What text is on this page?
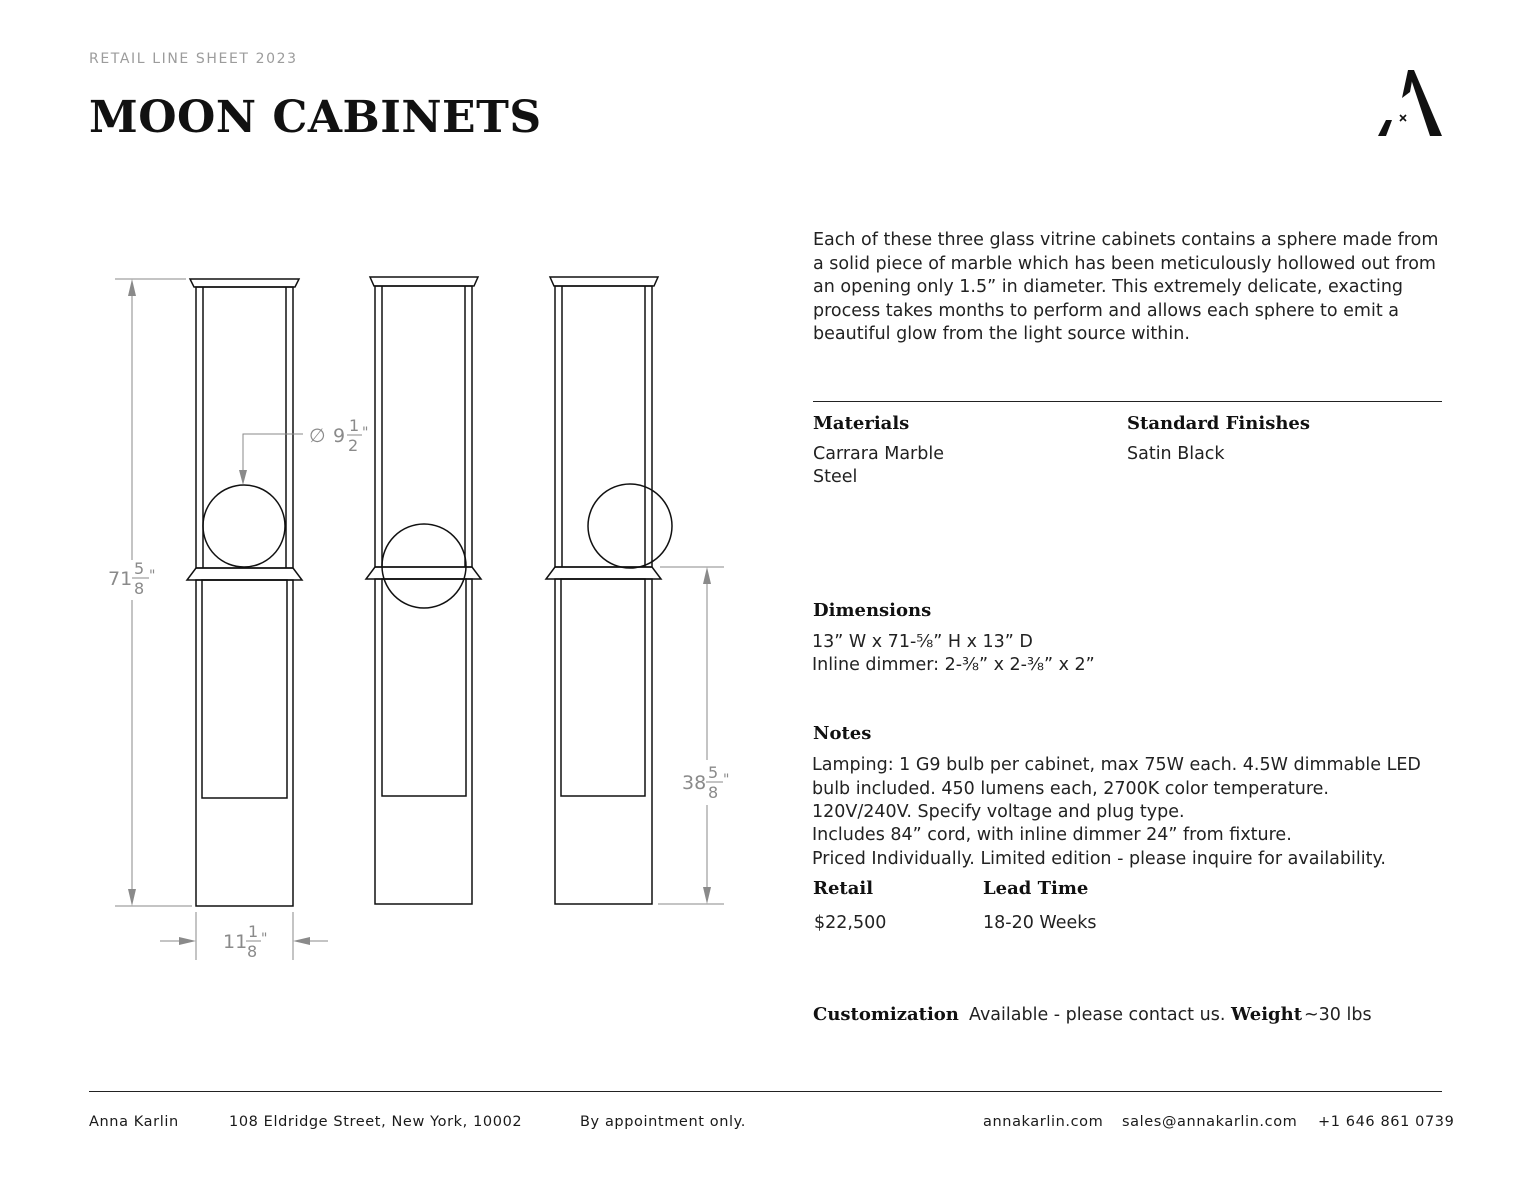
RETAIL LINE SHEET 2023
MOON CABINETS
71 5
8
"
∅ 9 1
2
"
38 5
8
"
11 1
8
"
Each of these three glass vitrine cabinets contains a sphere made from a solid piece of marble which has been meticulously hollowed out from an opening only 1.5” in diameter. This extremely delicate, exacting process takes months to perform and allows each sphere to emit a beautiful glow from the light source within.
Materials
Carrara Marble
Steel
Standard Finishes
Satin Black
Dimensions
13” W x 71-⅝” H x 13” D
Inline dimmer: 2-⅜” x 2-⅜” x 2”
Notes
Lamping: 1 G9 bulb per cabinet, max 75W each. 4.5W dimmable LED
bulb included. 450 lumens each, 2700K color temperature.
120V/240V. Specify voltage and plug type.
Includes 84” cord, with inline dimmer 24” from fixture.
Priced Individually. Limited edition - please inquire for availability.
Retail
$22,500
Lead Time
18-20 Weeks
Customization Available - please contact us. Weight ~30 lbs
Anna Karlin	108 Eldridge Street, New York, 10002	By appointment only.	annakarlin.com sales@annakarlin.com +1 646 861 0739
